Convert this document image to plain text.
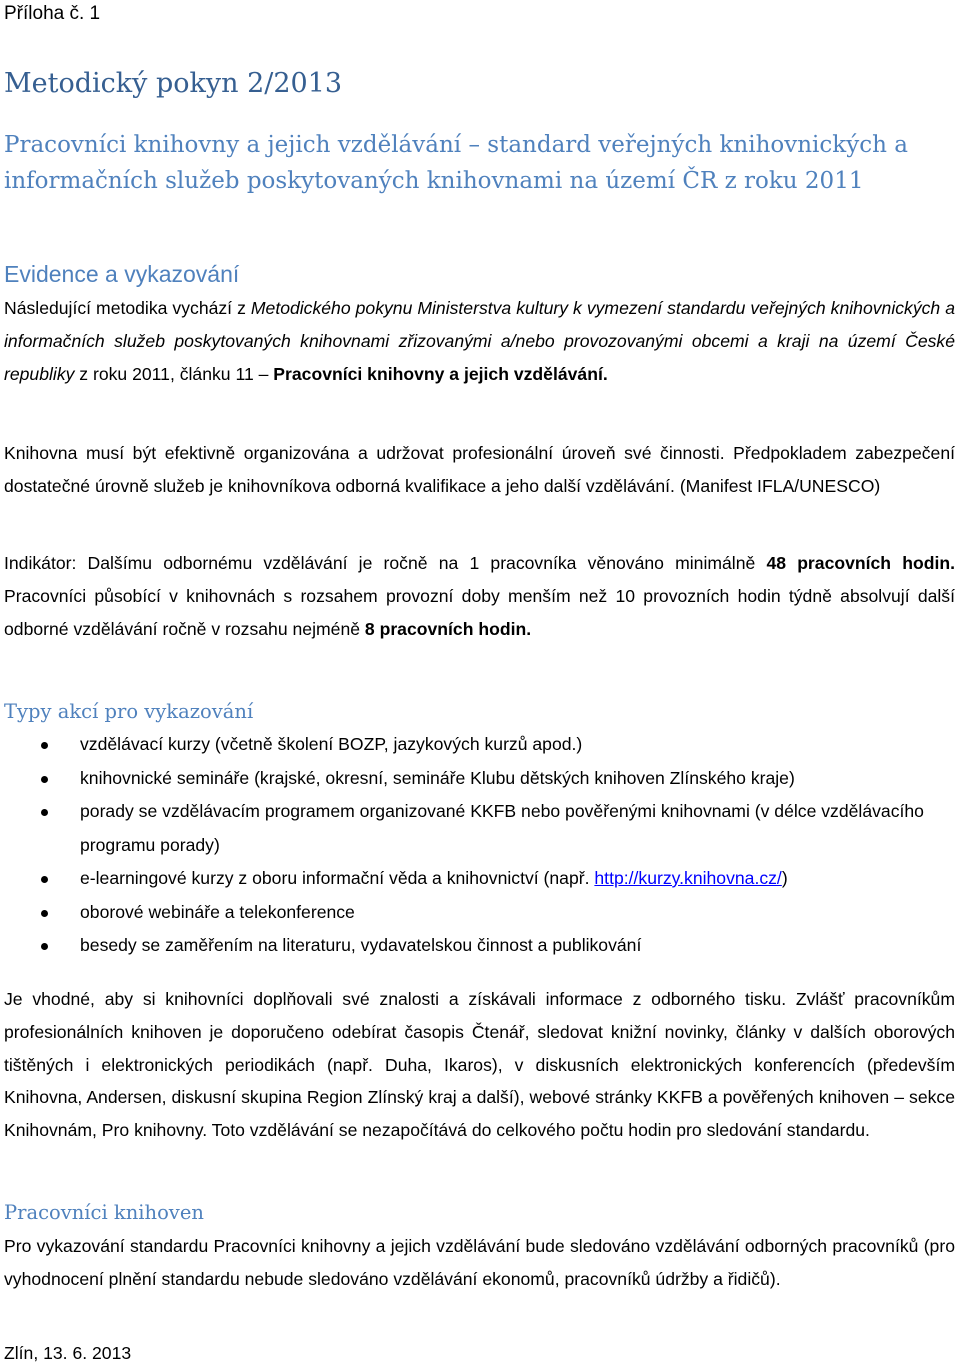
Příloha č. 1
Metodický pokyn 2/2013
Pracovníci knihovny a jejich vzdělávání – standard veřejných knihovnických a informačních služeb poskytovaných knihovnami na území ČR z roku 2011
Evidence a vykazování
Následující metodika vychází z Metodického pokynu Ministerstva kultury k vymezení standardu veřejných knihovnických a informačních služeb poskytovaných knihovnami zřizovanými a/nebo provozovanými obcemi a kraji na území České republiky z roku 2011, článku 11 – Pracovníci knihovny a jejich vzdělávání.
Knihovna musí být efektivně organizována a udržovat profesionální úroveň své činnosti. Předpokladem zabezpečení dostatečné úrovně služeb je knihovníkova odborná kvalifikace a jeho další vzdělávání. (Manifest IFLA/UNESCO)
Indikátor: Dalšímu odbornému vzdělávání je ročně na 1 pracovníka věnováno minimálně 48 pracovních hodin. Pracovníci působící v knihovnách s rozsahem provozní doby menším než 10 provozních hodin týdně absolvují další odborné vzdělávání ročně v rozsahu nejméně 8 pracovních hodin.
Typy akcí pro vykazování
vzdělávací kurzy (včetně školení BOZP, jazykových kurzů apod.)
knihovnické semináře (krajské, okresní, semináře Klubu dětských knihoven Zlínského kraje)
porady se vzdělávacím programem organizované KKFB nebo pověřenými knihovnami (v délce vzdělávacího programu porady)
e-learningové kurzy z oboru informační věda a knihovnictví (např. http://kurzy.knihovna.cz/)
oborové webináře a telekonference
besedy se zaměřením na literaturu, vydavatelskou činnost a publikování
Je vhodné, aby si knihovníci doplňovali své znalosti a získávali informace z odborného tisku. Zvlášť pracovníkům profesionálních knihoven je doporučeno odebírat časopis Čtenář, sledovat knižní novinky, články v dalších oborových tištěných i elektronických periodikách (např. Duha, Ikaros), v diskusních elektronických konferencích (především Knihovna, Andersen, diskusní skupina Region Zlínský kraj a další), webové stránky KKFB a pověřených knihoven – sekce Knihovnám, Pro knihovny. Toto vzdělávání se nezapočítává do celkového počtu hodin pro sledování standardu.
Pracovníci knihoven
Pro vykazování standardu Pracovníci knihovny a jejich vzdělávání bude sledováno vzdělávání odborných pracovníků (pro vyhodnocení plnění standardu nebude sledováno vzdělávání ekonomů, pracovníků údržby a řidičů).
Zlín, 13. 6. 2013
